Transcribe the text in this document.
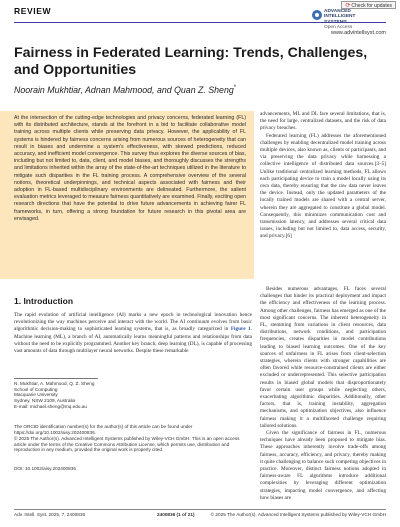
REVIEW	⟳Check for updates
ADVANCED
INTELLIGENT
Open Access
www.advintellsyst.com
Fairness in Federated Learning: Trends, Challenges, and Opportunities
Noorain Mukhtiar, Adnan Mahmood, and Quan Z. Sheng*
At the intersection of the cutting-edge technologies and privacy concerns, federated learning (FL) with its distributed architecture, stands at the forefront in a bid to facilitate collaborative model training across multiple clients while preserving data privacy. However, the applicability of FL systems is hindered by fairness concerns arising from numerous sources of heterogeneity that can result in biases and undermine a system's effectiveness, with skewed predictions, reduced accuracy, and inefficient model convergence. This survey thus explores the diverse sources of bias, including but not limited to, data, client, and model biases, and thoroughly discusses the strengths and limitations inherited within the array of the state-of-the-art techniques utilized in the literature to mitigate such disparities in the FL training process. A comprehensive overview of the several notions, theoretical underpinnings, and technical aspects associated with fairness and their adoption in FL-based multidisciplinary environments are delineated. Furthermore, the salient evaluation metrics leveraged to measure fairness quantitatively are examined. Finally, exciting open research directions that have the potential to drive future advancements in achieving fairer FL frameworks, in turn, offering a strong foundation for future research in this pivotal area are envisaged.

advancements, ML and DL face several limitations, that is, the need for large, centralized datasets, and the risk of data privacy breaches.

Federated learning (FL) addresses the aforementioned challenges by enabling decentralized model training across multiple devices, also known as, clients or participants, and via preserving the data privacy while harnessing a collective intelligence of distributed data sources.[3–5] Unlike traditional centralized learning methods, FL allows each participating device to train a model locally using its own data, thereby ensuring that the raw data never leaves the device. Instead, only the updated parameters of the locally trained models are shared with a central server, wherein they are aggregated to constitute a global model. Consequently, this minimizes communication cost and transmission latency, and addresses several critical data issues, including but not limited to, data access, security, and privacy.[6]

1. Introduction

The rapid evolution of artificial intelligence (AI) marks a new epoch in technological innovation hence revolutionizing the way machines perceive and interact with the world. The AI continuum evolves from basic algorithmic decision-making to sophisticated learning systems, that is, as broadly categorized in Figure 1. Machine learning (ML), a branch of AI, automatically learns meaningful patterns and relationships from data without the need to be explicitly programmed. Another key branch, deep learning (DL), is capable of processing vast amounts of data through multilayer neural networks. Despite these remarkable

Besides numerous advantages, FL faces several challenges that hinder its practical deployment and impact the efficiency and effectiveness of the learning process. Among other challenges, fairness has emerged as one of the most significant concerns. The inherent heterogeneity in FL, stemming from variations in client resources, data distributions, network conditions, and participation frequencies, creates disparities in model contributions leading to biased learning outcomes. One of the key sources of unfairness in FL arises from client-selection strategies, wherein clients with stronger capabilities are often favored while resource-constrained clients are either excluded or underrepresented. This selective participation results in biased global models that disproportionately favor certain user groups while neglecting others, exacerbating algorithmic disparities. Additionally, other factors, that is, training instability, aggregation mechanisms, and optimization objectives, also influence fairness making it a multifaceted challenge requiring tailored solutions.

Given the significance of fairness in FL, numerous techniques have already been proposed to mitigate bias. These approaches inherently involve trade-offs among fairness, accuracy, efficiency, and privacy, thereby making it quite challenging to balance such competing objectives in practice. Moreover, distinct fairness notions adopted in fairness-aware FL algorithms introduce additional complexities by leveraging different optimization strategies, impacting model convergence, and affecting how biases are

N. Mukhtiar, A. Mahmood, Q. Z. Sheng
School of Computing
Macquarie University
Sydney, NSW 2109, Australia
E-mail: michael.sheng@mq.edu.au
The ORCID identification number(s) for the author(s) of this article can be found under https://doi.org/10.1002/aisy.202400836.
© 2025 The Author(s). Advanced Intelligent Systems published by Wiley-VCH GmbH. This is an open access article under the terms of the Creative Commons Attribution License, which permits use, distribution and reproduction in any medium, provided the original work is properly cited.
DOI: 10.1002/aisy.202400836
Adv. Intell. Syst. 2025, 7, 2400836	2400836 (1 of 21)	© 2025 The Author(s). Advanced Intelligent Systems published by Wiley-VCH GmbH
